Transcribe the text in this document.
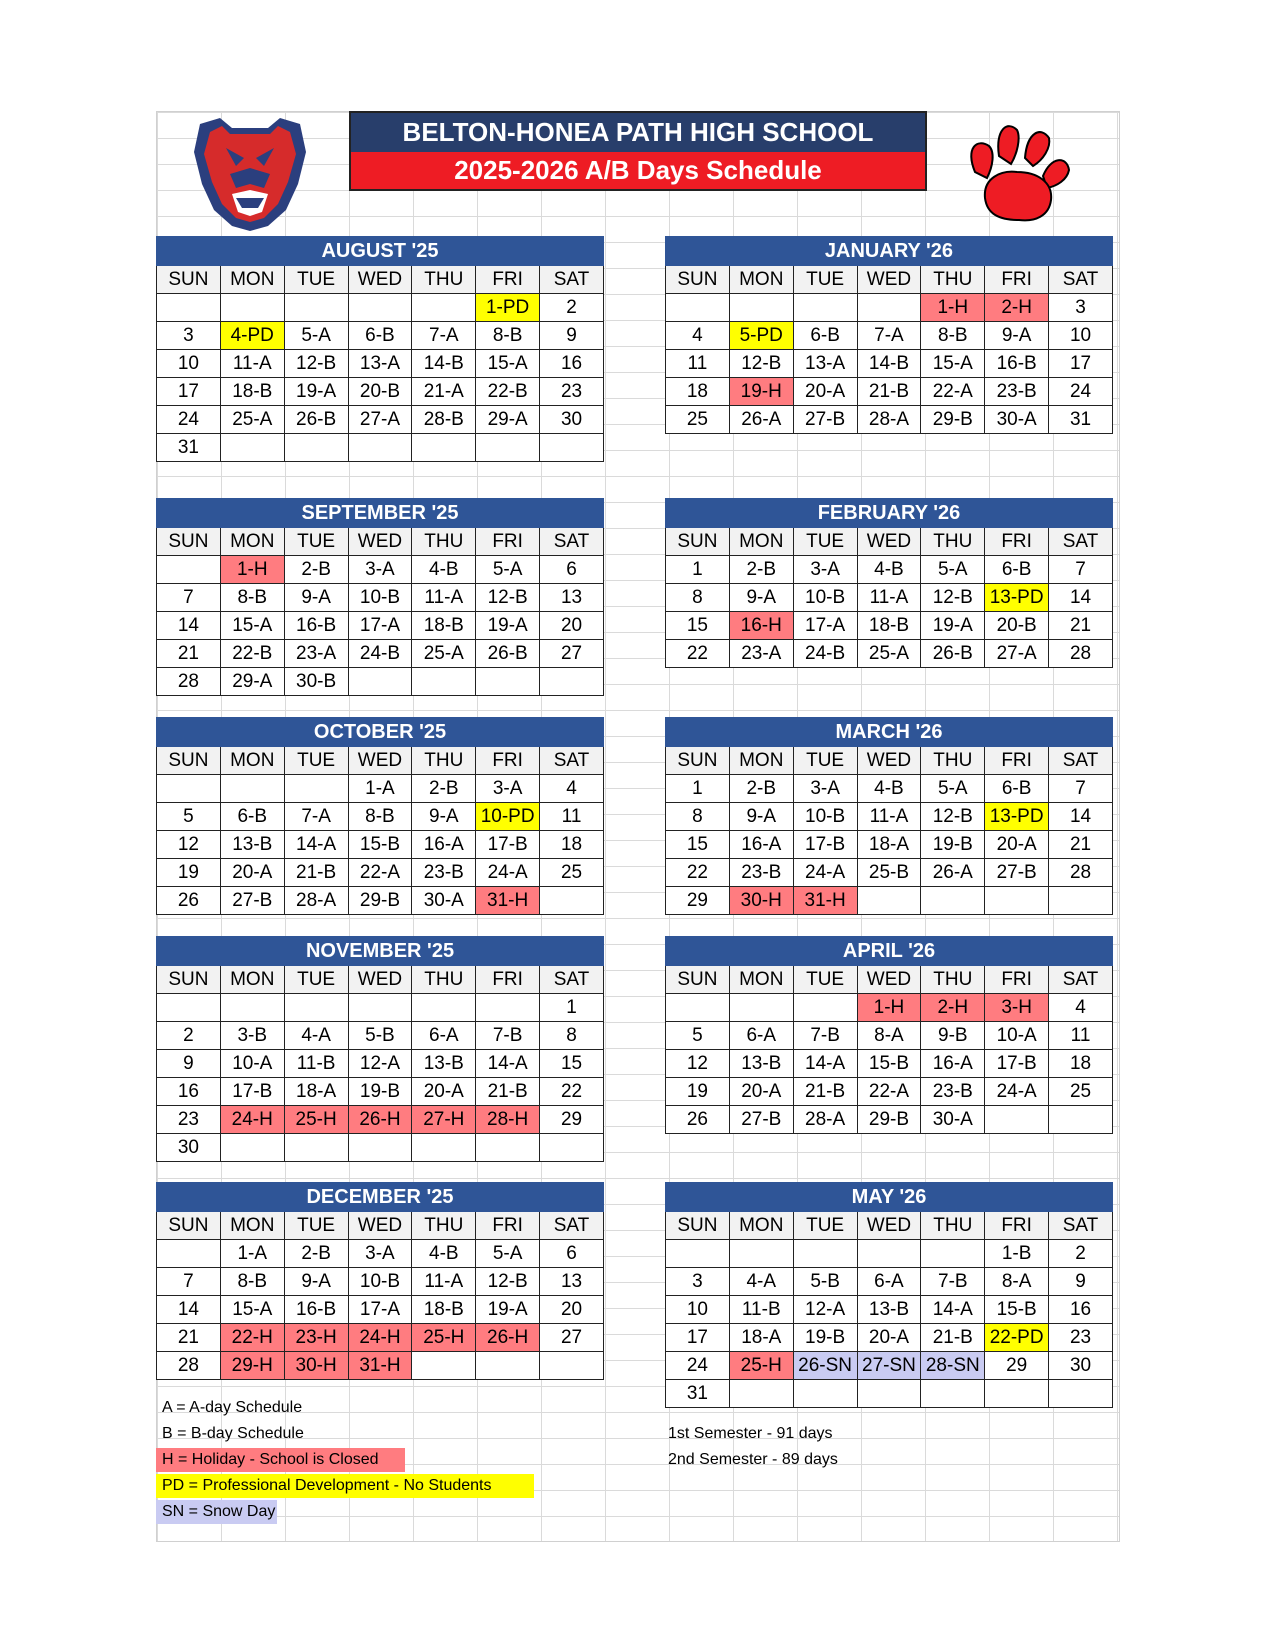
BELTON-HONEA PATH HIGH SCHOOL
2025-2026 A/B Days Schedule
AUGUST '25						
SUN	MON	TUE	WED	THU	FRI	SAT
					1-PD	2
3	4-PD	5-A	6-B	7-A	8-B	9
10	11-A	12-B	13-A	14-B	15-A	16
17	18-B	19-A	20-B	21-A	22-B	23
24	25-A	26-B	27-A	28-B	29-A	30
31						
JANUARY '26						
SUN	MON	TUE	WED	THU	FRI	SAT
				1-H	2-H	3
4	5-PD	6-B	7-A	8-B	9-A	10
11	12-B	13-A	14-B	15-A	16-B	17
18	19-H	20-A	21-B	22-A	23-B	24
25	26-A	27-B	28-A	29-B	30-A	31
SEPTEMBER '25						
SUN	MON	TUE	WED	THU	FRI	SAT
	1-H	2-B	3-A	4-B	5-A	6
7	8-B	9-A	10-B	11-A	12-B	13
14	15-A	16-B	17-A	18-B	19-A	20
21	22-B	23-A	24-B	25-A	26-B	27
28	29-A	30-B				
FEBRUARY '26						
SUN	MON	TUE	WED	THU	FRI	SAT
1	2-B	3-A	4-B	5-A	6-B	7
8	9-A	10-B	11-A	12-B	13-PD	14
15	16-H	17-A	18-B	19-A	20-B	21
22	23-A	24-B	25-A	26-B	27-A	28
OCTOBER '25						
SUN	MON	TUE	WED	THU	FRI	SAT
			1-A	2-B	3-A	4
5	6-B	7-A	8-B	9-A	10-PD	11
12	13-B	14-A	15-B	16-A	17-B	18
19	20-A	21-B	22-A	23-B	24-A	25
26	27-B	28-A	29-B	30-A	31-H	
MARCH '26						
SUN	MON	TUE	WED	THU	FRI	SAT
1	2-B	3-A	4-B	5-A	6-B	7
8	9-A	10-B	11-A	12-B	13-PD	14
15	16-A	17-B	18-A	19-B	20-A	21
22	23-B	24-A	25-B	26-A	27-B	28
29	30-H	31-H				
NOVEMBER '25						
SUN	MON	TUE	WED	THU	FRI	SAT
						1
2	3-B	4-A	5-B	6-A	7-B	8
9	10-A	11-B	12-A	13-B	14-A	15
16	17-B	18-A	19-B	20-A	21-B	22
23	24-H	25-H	26-H	27-H	28-H	29
30						
APRIL '26						
SUN	MON	TUE	WED	THU	FRI	SAT
			1-H	2-H	3-H	4
5	6-A	7-B	8-A	9-B	10-A	11
12	13-B	14-A	15-B	16-A	17-B	18
19	20-A	21-B	22-A	23-B	24-A	25
26	27-B	28-A	29-B	30-A		
DECEMBER '25						
SUN	MON	TUE	WED	THU	FRI	SAT
	1-A	2-B	3-A	4-B	5-A	6
7	8-B	9-A	10-B	11-A	12-B	13
14	15-A	16-B	17-A	18-B	19-A	20
21	22-H	23-H	24-H	25-H	26-H	27
28	29-H	30-H	31-H			
MAY '26						
SUN	MON	TUE	WED	THU	FRI	SAT
					1-B	2
3	4-A	5-B	6-A	7-B	8-A	9
10	11-B	12-A	13-B	14-A	15-B	16
17	18-A	19-B	20-A	21-B	22-PD	23
24	25-H	26-SN	27-SN	28-SN	29	30
31						
A = A-day Schedule
B = B-day Schedule
H = Holiday - School is Closed
PD = Professional Development - No Students
SN = Snow Day
1st Semester - 91 days
2nd Semester - 89 days
